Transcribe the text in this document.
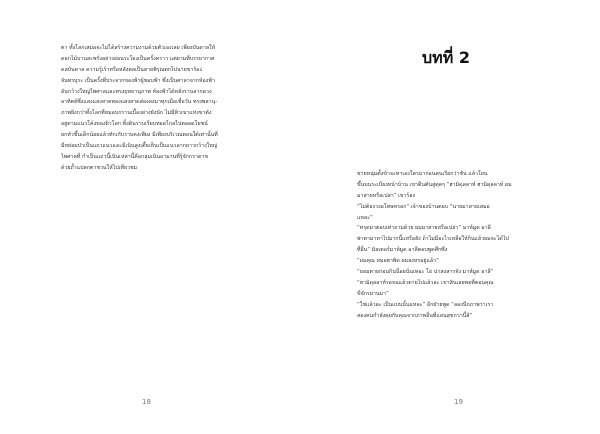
ตา ทั้งโลกเสมอจะไม่ได้สร้างความงามด้วยตัวเองเลย เพียงบันดาลให้
ดอกไม้บานสะพรั่งอย่างอ่อนระโยงเป็นครั้งคราว แต่ยามที่บรรยากาศ
ดลบันดาล ความรู้เร้าหรือหลังตลเป็นสายพิรุณตกไปนายขาร้อง
จันทรบุระ เป็นครั้งที่ประจากของฟ้าผู้ชอบฟ้า ซึ่งเป็นศาลาจากห้องฟ้า
อันกว้างใหญ่ไพศาลและทรงฤทธานุภาพ ห้องฟ้าได้หลั่งรานจากดวง
อาทิตย์ซึ่งแสงแสงสาดทองแสงสาดส่องลงมาทุกเมื่อเชื่อวัน ทรงพลานุ-
ภาพยิ่งกว่าทั้งโลกที่หมอบกรานเบื้องล่างยังนัก ไม่มีทิวเขาแห่งขาตัง
อยู่ตามแนวโค้งของผิวโลก ทิ้งดินราบเรียบทอดไกลไปตลอดโยชน์
ยกหัวขึ้นเด็กน้อยแล้วทักเกับราบคงเพียง มีเพียงบริเวณตอนใต้เท่านั้นที่
มีหย่อมป่าเป็นแถวแนวและมีเนินสูงเตี้ยเห็นเป็นแนวลากยาวกว้างใหญ่
ไพศาลที่ กำเป็นแถวนี้เนินเหล่านี้คือกลุ่มเนินอามานที่รู้จักกราดาช
ด้วยถ้ำแปลกตาชวนให้ไปเที่ยวชม
18
บทที่ 2
ชายหนุ่มตั้งข้าจะทาเองใครมาก่อนคนเรียกว่าชัน แล้วโยน
ขึ้นบนระเบียงหน้าบ้าน เขาตีนตันสู่ตุดๆ “ฮามิดุลลาห์ ฮามิดุลลาห์ ผม
มาสายหรือเปล่า” เขาร้อง
“ไม่ต้องวงอโทษหรอก” เจ้าของบ้านตอบ “นายมาสายเสมอ
แหละ”
“ทรุดมาตอบเท่าถามด้วย ผมมาสายหรือเปล่า” มาห์มูด อาลี
พ่าตามาหาไปมากนี้แหรือยัง ถ้าไม่มีอะไรเหลือให้กินแล้วผมจะได้ไป
ที่อื่น” มิสเตอร์มาห์มูด อาลีตอบพูดศึกซึง
“ผมคุณ หมอฮาพิด ผมลงหรอยู่แล้ว”
“ยอมตายก่อนกินนื่อยนั่นเทอะ โธ่ น่าสงสารจัง มาห์มูด อาลี”
“ฮามิดุลลาห์รอจนแล้วตายไปแล้วละ เขาสินเลยพอที่ตอนคุณ
ขี่จักรยานมา”
“ใช่แล้วละ เป็นแบบนั้นแหละ” อีกฝ่ายพูด “ลองนึกภาพว่าเรา
สองคนกำลังคุยกับคุณจากภาพอื่นที่แสนสุขกว่านี้สิ”
19
